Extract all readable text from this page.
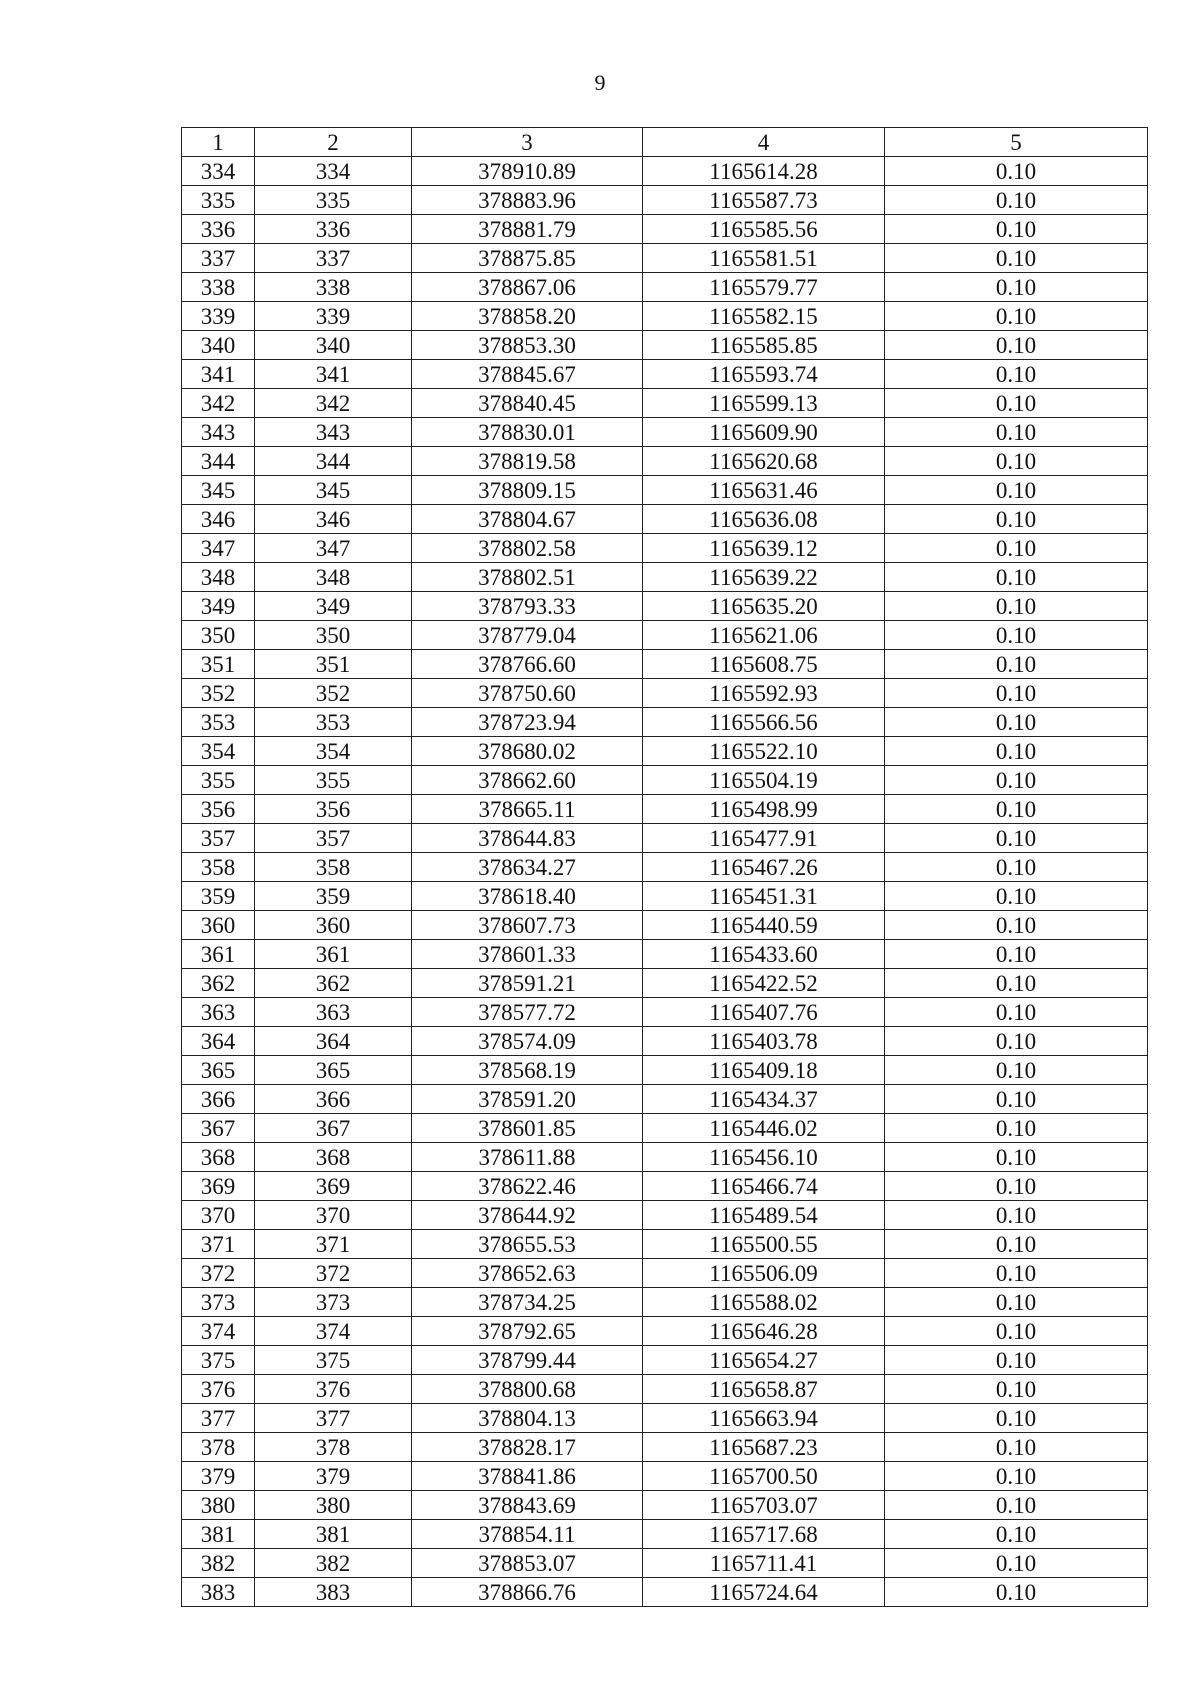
9
1	2	3	4	5
334	334	378910.89	1165614.28	0.10
335	335	378883.96	1165587.73	0.10
336	336	378881.79	1165585.56	0.10
337	337	378875.85	1165581.51	0.10
338	338	378867.06	1165579.77	0.10
339	339	378858.20	1165582.15	0.10
340	340	378853.30	1165585.85	0.10
341	341	378845.67	1165593.74	0.10
342	342	378840.45	1165599.13	0.10
343	343	378830.01	1165609.90	0.10
344	344	378819.58	1165620.68	0.10
345	345	378809.15	1165631.46	0.10
346	346	378804.67	1165636.08	0.10
347	347	378802.58	1165639.12	0.10
348	348	378802.51	1165639.22	0.10
349	349	378793.33	1165635.20	0.10
350	350	378779.04	1165621.06	0.10
351	351	378766.60	1165608.75	0.10
352	352	378750.60	1165592.93	0.10
353	353	378723.94	1165566.56	0.10
354	354	378680.02	1165522.10	0.10
355	355	378662.60	1165504.19	0.10
356	356	378665.11	1165498.99	0.10
357	357	378644.83	1165477.91	0.10
358	358	378634.27	1165467.26	0.10
359	359	378618.40	1165451.31	0.10
360	360	378607.73	1165440.59	0.10
361	361	378601.33	1165433.60	0.10
362	362	378591.21	1165422.52	0.10
363	363	378577.72	1165407.76	0.10
364	364	378574.09	1165403.78	0.10
365	365	378568.19	1165409.18	0.10
366	366	378591.20	1165434.37	0.10
367	367	378601.85	1165446.02	0.10
368	368	378611.88	1165456.10	0.10
369	369	378622.46	1165466.74	0.10
370	370	378644.92	1165489.54	0.10
371	371	378655.53	1165500.55	0.10
372	372	378652.63	1165506.09	0.10
373	373	378734.25	1165588.02	0.10
374	374	378792.65	1165646.28	0.10
375	375	378799.44	1165654.27	0.10
376	376	378800.68	1165658.87	0.10
377	377	378804.13	1165663.94	0.10
378	378	378828.17	1165687.23	0.10
379	379	378841.86	1165700.50	0.10
380	380	378843.69	1165703.07	0.10
381	381	378854.11	1165717.68	0.10
382	382	378853.07	1165711.41	0.10
383	383	378866.76	1165724.64	0.10
